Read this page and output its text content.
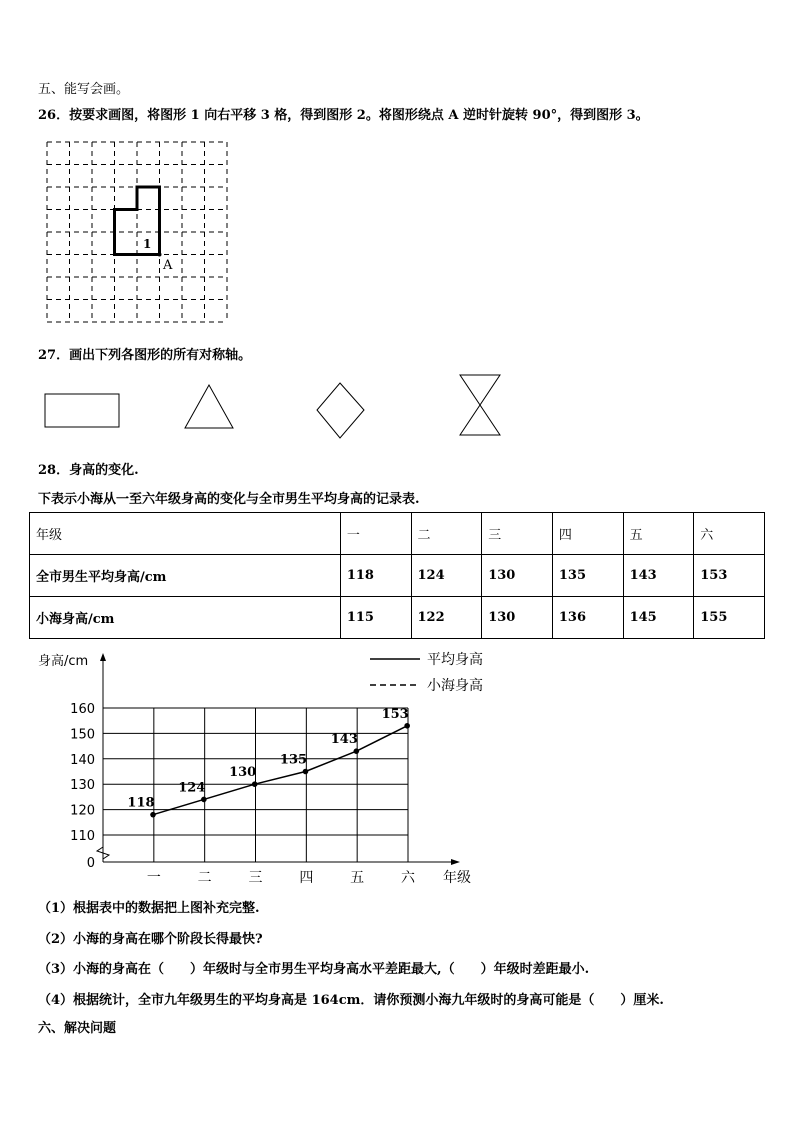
五、能写会画。
26．按要求画图，将图形 1 向右平移 3 格，得到图形 2。将图形绕点 A 逆时针旋转 90°，得到图形 3。
1
A
27．画出下列各图形的所有对称轴。
28．身高的变化.
下表示小海从一至六年级身高的变化与全市男生平均身高的记录表.
年级	一	二	三	四	五	六
全市男生平均身高/cm	118	124	130	135	143	153
小海身高/cm	115	122	130	136	145	155
身高/cm
年级
平均身高
小海身高
0
110
120
130
140
150
160
一	二	三	四	五	六
118
124
130
135
143
153
（1）根据表中的数据把上图补充完整.
（2）小海的身高在哪个阶段长得最快?
（3）小海的身高在（　　）年级时与全市男生平均身高水平差距最大,（　　）年级时差距最小.
（4）根据统计，全市九年级男生的平均身高是 164cm．请你预测小海九年级时的身高可能是（　　）厘米.
六、解决问题
